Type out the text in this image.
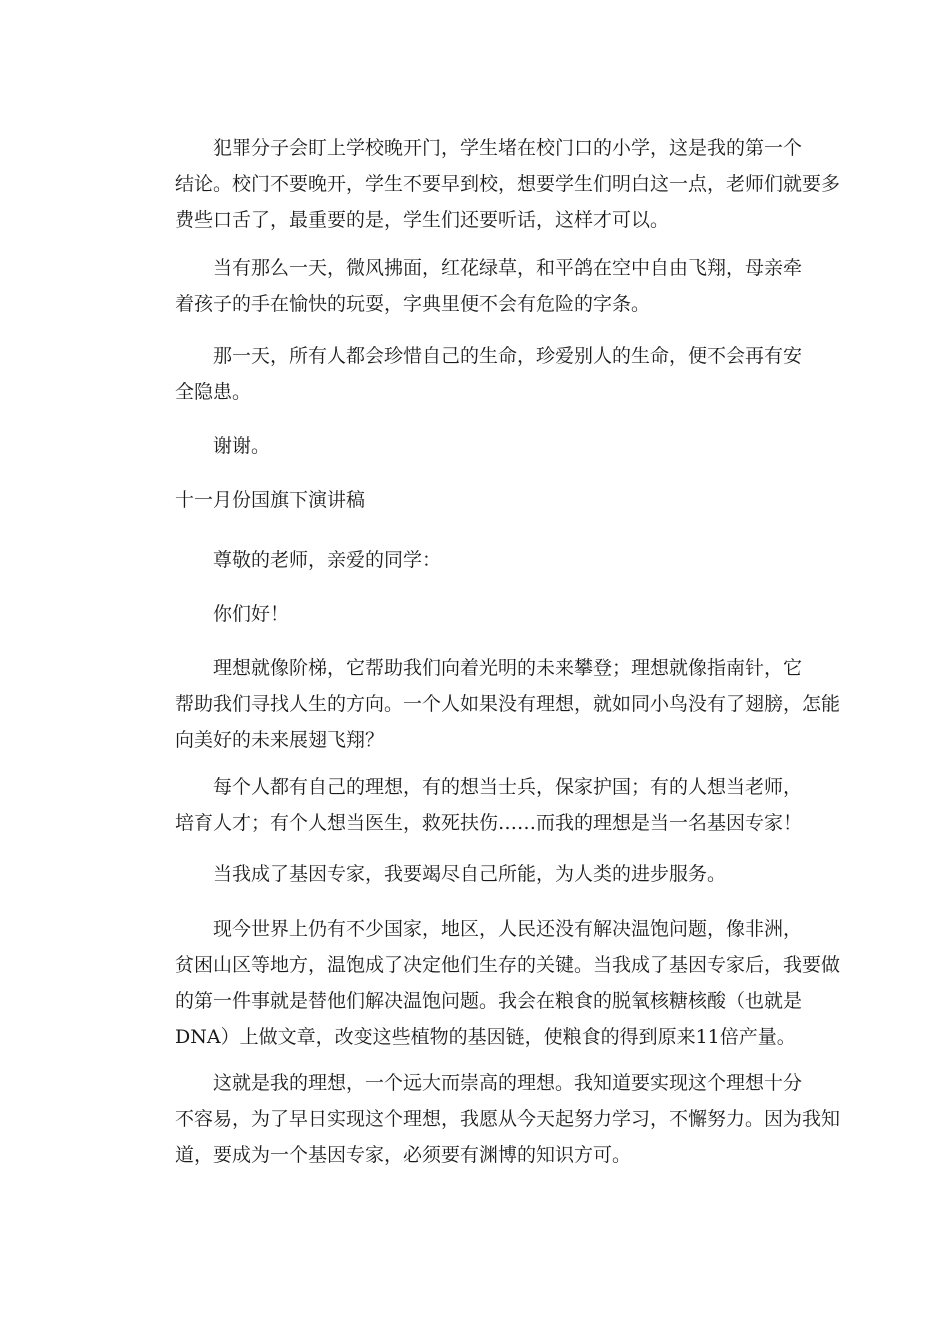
犯罪分子会盯上学校晚开门，学生堵在校门口的小学，这是我的第一个
结论。校门不要晚开，学生不要早到校，想要学生们明白这一点，老师们就要多
费些口舌了，最重要的是，学生们还要听话，这样才可以。

当有那么一天，微风拂面，红花绿草，和平鸽在空中自由飞翔，母亲牵
着孩子的手在愉快的玩耍，字典里便不会有危险的字条。

那一天，所有人都会珍惜自己的生命，珍爱别人的生命，便不会再有安
全隐患。

谢谢。

十一月份国旗下演讲稿

尊敬的老师，亲爱的同学：

你们好！

理想就像阶梯，它帮助我们向着光明的未来攀登；理想就像指南针，它
帮助我们寻找人生的方向。一个人如果没有理想，就如同小鸟没有了翅膀，怎能
向美好的未来展翅飞翔？

每个人都有自己的理想，有的想当士兵，保家护国；有的人想当老师，
培育人才；有个人想当医生，救死扶伤……而我的理想是当一名基因专家！

当我成了基因专家，我要竭尽自己所能，为人类的进步服务。

现今世界上仍有不少国家，地区，人民还没有解决温饱问题，像非洲，
贫困山区等地方，温饱成了决定他们生存的关键。当我成了基因专家后，我要做
的第一件事就是替他们解决温饱问题。我会在粮食的脱氧核糖核酸（也就是
DNA）上做文章，改变这些植物的基因链，使粮食的得到原来11倍产量。

这就是我的理想，一个远大而崇高的理想。我知道要实现这个理想十分
不容易，为了早日实现这个理想，我愿从今天起努力学习，不懈努力。因为我知
道，要成为一个基因专家，必须要有渊博的知识方可。
